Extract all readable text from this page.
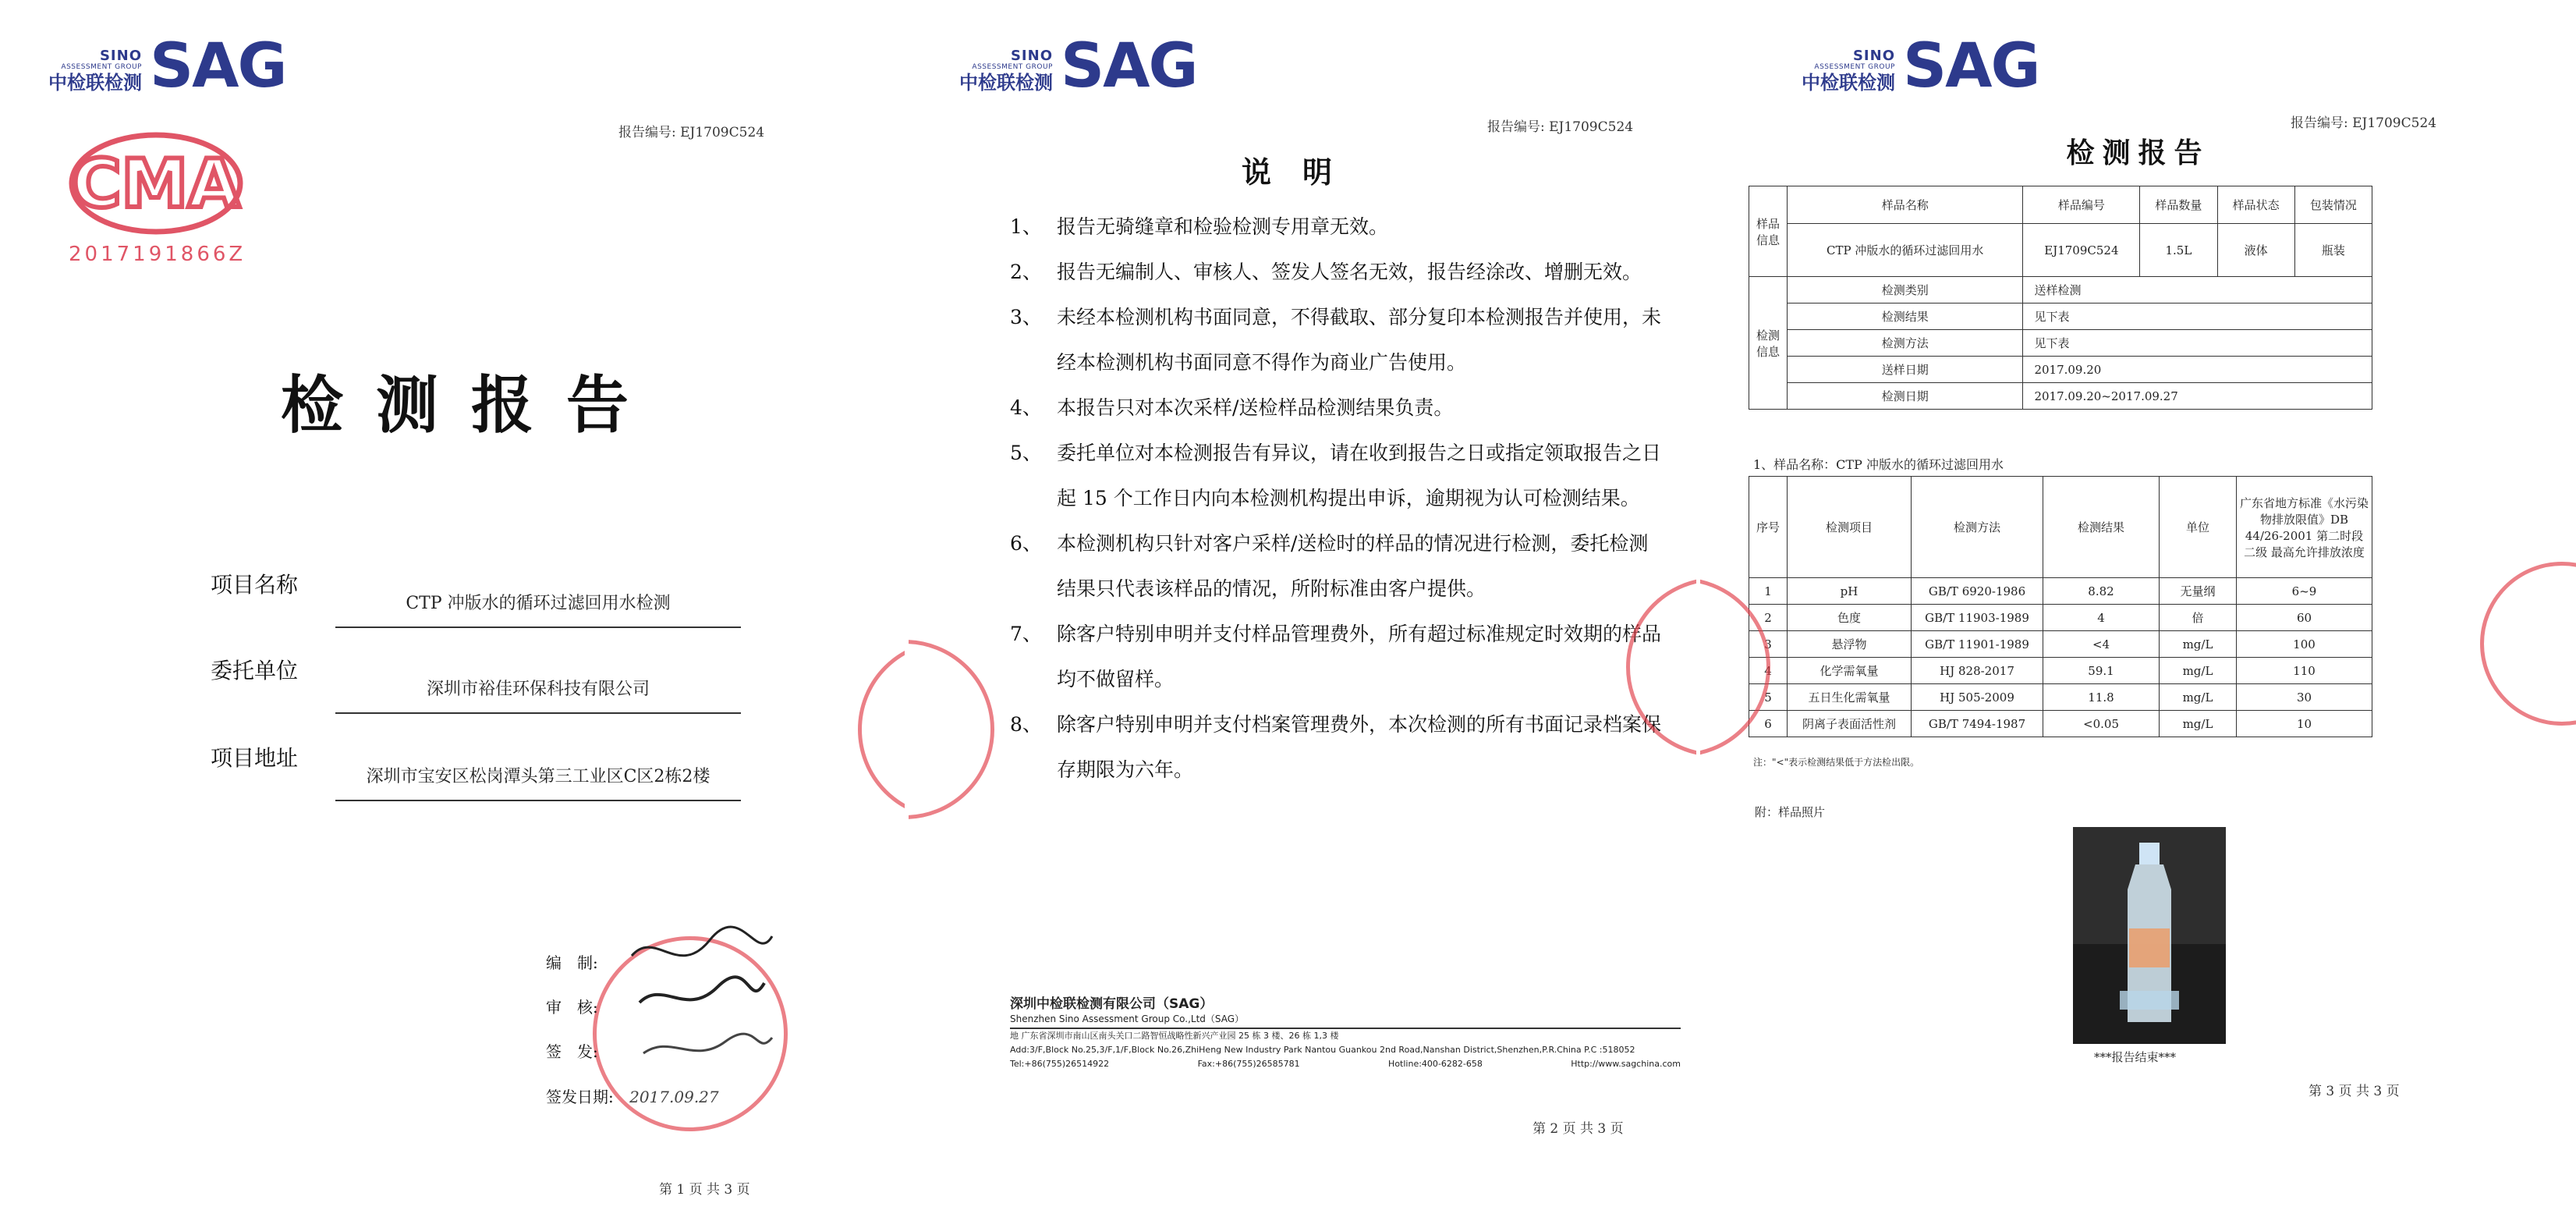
SINO
ASSESSMENT GROUP
中检联检测 SAG
报告编号: EJ1709C524
CMA
2017191866Z
检测报告
项目名称
CTP 冲版水的循环过滤回用水检测
委托单位
深圳市裕佳环保科技有限公司
项目地址
深圳市宝安区松岗潭头第三工业区C区2栋2楼
编　制:
审　核:
签　发:
签发日期: 2017.09.27
第 1 页 共 3 页
SINO
ASSESSMENT GROUP
中检联检测 SAG
报告编号: EJ1709C524
说明
1、 报告无骑缝章和检验检测专用章无效。
2、 报告无编制人、审核人、签发人签名无效，报告经涂改、增删无效。
3、 未经本检测机构书面同意，不得截取、部分复印本检测报告并使用，未经本检测机构书面同意不得作为商业广告使用。
4、 本报告只对本次采样/送检样品检测结果负责。
5、 委托单位对本检测报告有异议，请在收到报告之日或指定领取报告之日起 15 个工作日内向本检测机构提出申诉，逾期视为认可检测结果。
6、 本检测机构只针对客户采样/送检时的样品的情况进行检测，委托检测结果只代表该样品的情况，所附标准由客户提供。
7、 除客户特别申明并支付样品管理费外，所有超过标准规定时效期的样品均不做留样。
8、 除客户特别申明并支付档案管理费外，本次检测的所有书面记录档案保存期限为六年。
深圳中检联检测有限公司（SAG）
Shenzhen Sino Assessment Group Co.,Ltd（SAG）
地 广东省深圳市南山区南头关口二路智恒战略性新兴产业园 25 栋 3 楼、26 栋 1,3 楼
Add:3/F,Block No.25,3/F,1/F,Block No.26,ZhiHeng New Industry Park Nantou Guankou 2nd Road,Nanshan District,Shenzhen,P.R.China P.C :518052
Tel:+86(755)26514922	Fax:+86(755)26585781	Hotline:400-6282-658	Http://www.sagchina.com
第 2 页 共 3 页
SINO
ASSESSMENT GROUP
中检联检测 SAG
报告编号: EJ1709C524
检测报告
样品信息	样品名称	样品编号	样品数量	样品状态	包装情况
	CTP 冲版水的循环过滤回用水	EJ1709C524	1.5L	液体	瓶装
检测信息	检测类别	送样检测			
	检测结果	见下表			
	检测方法	见下表			
	送样日期	2017.09.20			
	检测日期	2017.09.20~2017.09.27			
1、样品名称：CTP 冲版水的循环过滤回用水
序号	检测项目	检测方法	检测结果	单位	广东省地方标准《水污染物排放限值》DB 44/26-2001 第二时段二级 最高允许排放浓度
1	pH	GB/T 6920-1986	8.82	无量纲	6~9
2	色度	GB/T 11903-1989	4	倍	60
3	悬浮物	GB/T 11901-1989	<4	mg/L	100
4	化学需氧量	HJ 828-2017	59.1	mg/L	110
5	五日生化需氧量	HJ 505-2009	11.8	mg/L	30
6	阴离子表面活性剂	GB/T 7494-1987	<0.05	mg/L	10
注："<"表示检测结果低于方法检出限。
附：样品照片
***报告结束***
第 3 页 共 3 页
